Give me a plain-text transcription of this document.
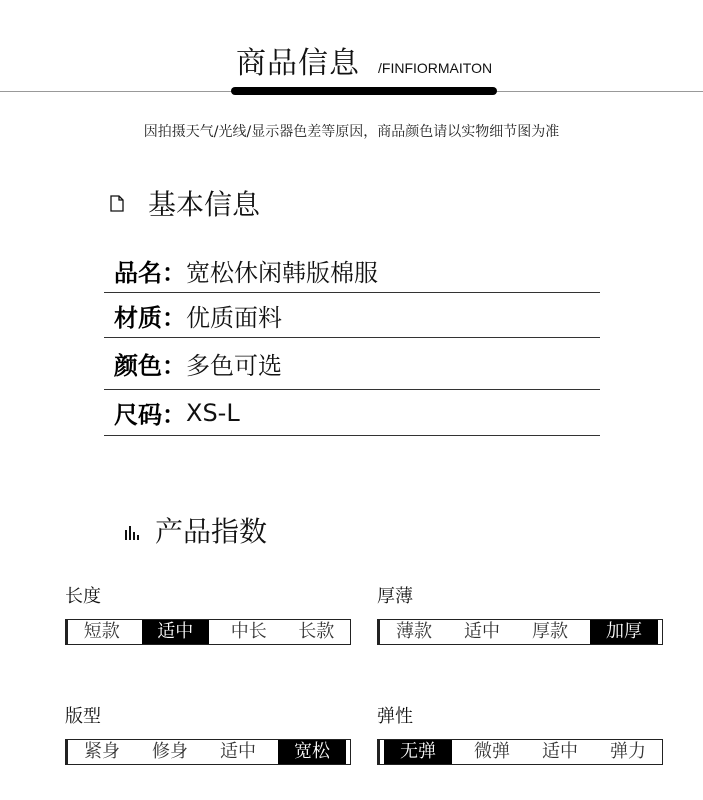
商品信息 /FINFIORMAITON
因拍摄天气/光线/显示器色差等原因，商品颜色请以实物细节图为准
基本信息
品名： 宽松休闲韩版棉服
材质： 优质面料
颜色： 多色可选
尺码： XS-L
产品指数
长度
短款	适中	中长	长款
厚薄
薄款	适中	厚款	加厚
版型
紧身	修身	适中	宽松
弹性
无弹	微弹	适中	弹力
